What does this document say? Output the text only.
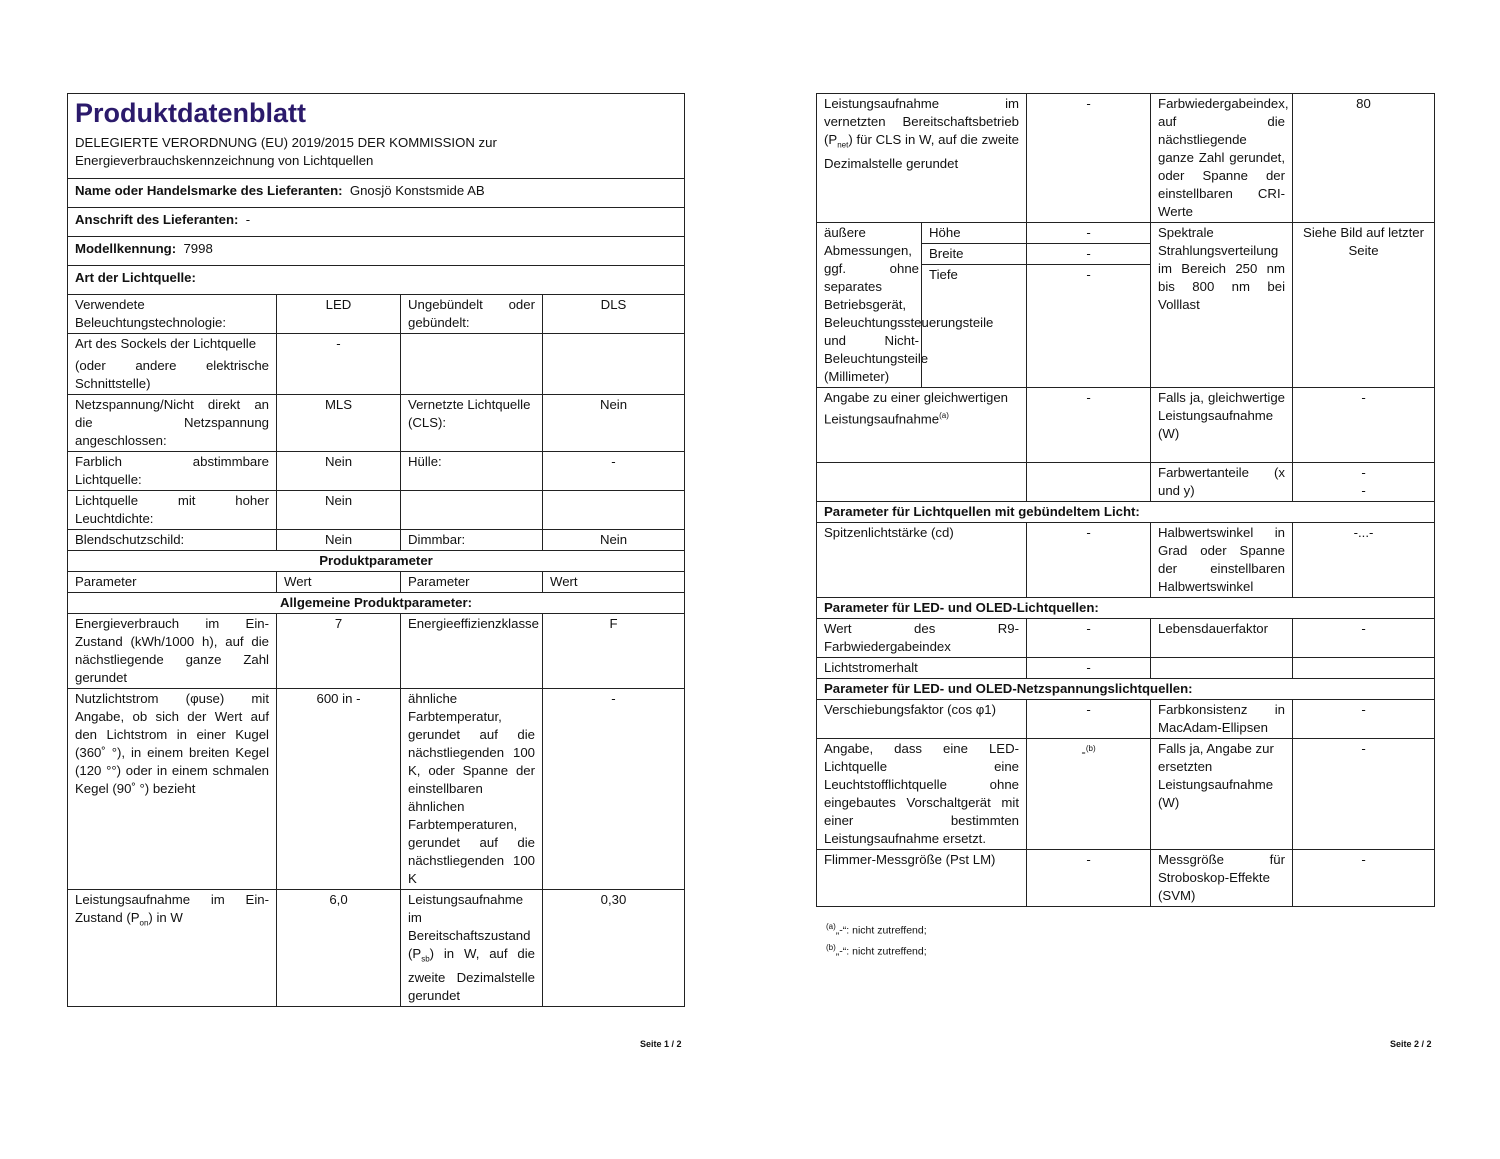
Produktdatenblatt
DELEGIERTE VERORDNUNG (EU) 2019/2015 DER KOMMISSION zur
Energieverbrauchskennzeichnung von Lichtquellen			

Name oder Handelsmarke des Lieferanten: Gnosjö Konstsmide AB			
Anschrift des Lieferanten: -			
Modellkennung: 7998			
Art der Lichtquelle:			
Verwendete Beleuchtungstechnologie:	LED	Ungebündelt oder gebündelt:	DLS

Art des Sockels der Lichtquelle
(oder andere elektrische Schnittstelle)	-		
Netzspannung/Nicht direkt an die Netzspannung angeschlossen:	MLS	Vernetzte Lichtquelle (CLS):	Nein
Farblich abstimmbare Lichtquelle:	Nein	Hülle:	-
Lichtquelle mit hoher Leuchtdichte:	Nein		
Blendschutzschild:	Nein	Dimmbar:	Nein
Produktparameter			
Parameter	Wert	Parameter	Wert
Allgemeine Produktparameter:			
Energieverbrauch im Ein-Zustand (kWh/1000 h), auf die nächstliegende ganze Zahl gerundet	7	Energieeffizienzklasse	F
Nutzlichtstrom (φuse) mit Angabe, ob sich der Wert auf den Lichtstrom in einer Kugel (360˚ °), in einem breiten Kegel (120 °°) oder in einem schmalen Kegel (90˚ °) bezieht	600 in -	ähnliche Farbtemperatur, gerundet auf die nächstliegenden 100 K, oder Spanne der einstellbaren ähnlichen Farbtemperaturen, gerundet auf die nächstliegenden 100 K	-
Leistungsaufnahme im Ein-Zustand $(P_{on})$ in W	6,0	Leistungsaufnahme im Bereitschaftszustand $(P_{sb})$ in W, auf die zweite Dezimalstelle gerundet	0,30
Seite 1 / 2
Leistungsaufnahme im vernetzten Bereitschaftsbetrieb $(P_{net})$ für CLS in W, auf die zweite Dezimalstelle gerundet		-	Farbwiedergabeindex, auf die nächstliegende ganze Zahl gerundet, oder Spanne der einstellbaren CRI-Werte	80
äußere Abmessungen, ggf. ohne separates Betriebsgerät, Beleuchtungssteuerungsteile und Nicht-Beleuchtungsteile (Millimeter)	Höhe	-	Spektrale Strahlungsverteilung im Bereich 250 nm bis 800 nm bei Volllast	Siehe Bild auf letzter Seite
	Breite	-		
	Tiefe	-		
Angabe zu einer gleichwertigen Leistungsaufnahme$^{(a)}$		-	Falls ja, gleichwertige Leistungsaufnahme (W)	-
			Farbwertanteile (x und y)	-
-

Parameter für Lichtquellen mit gebündeltem Licht:				
Spitzenlichtstärke (cd)		-	Halbwertswinkel in Grad oder Spanne der einstellbaren Halbwertswinkel	-...-
Parameter für LED- und OLED-Lichtquellen:				
Wert des R9-Farbwiedergabeindex		-	Lebensdauerfaktor	-
Lichtstromerhalt		-		
Parameter für LED- und OLED-Netzspannungslichtquellen:				
Verschiebungsfaktor (cos φ1)		-	Farbkonsistenz in MacAdam-Ellipsen	-
Angabe, dass eine LED-Lichtquelle eine Leuchtstofflichtquelle ohne eingebautes Vorschaltgerät mit einer bestimmten Leistungsaufnahme ersetzt.		-$^{(b)}$	Falls ja, Angabe zur ersetzten Leistungsaufnahme (W)	-
Flimmer-Messgröße (Pst LM)		-	Messgröße für Stroboskop-Effekte (SVM)	-
$^{(a)}$„-“: nicht zutreffend;
$^{(b)}$„-“: nicht zutreffend;
Seite 2 / 2
